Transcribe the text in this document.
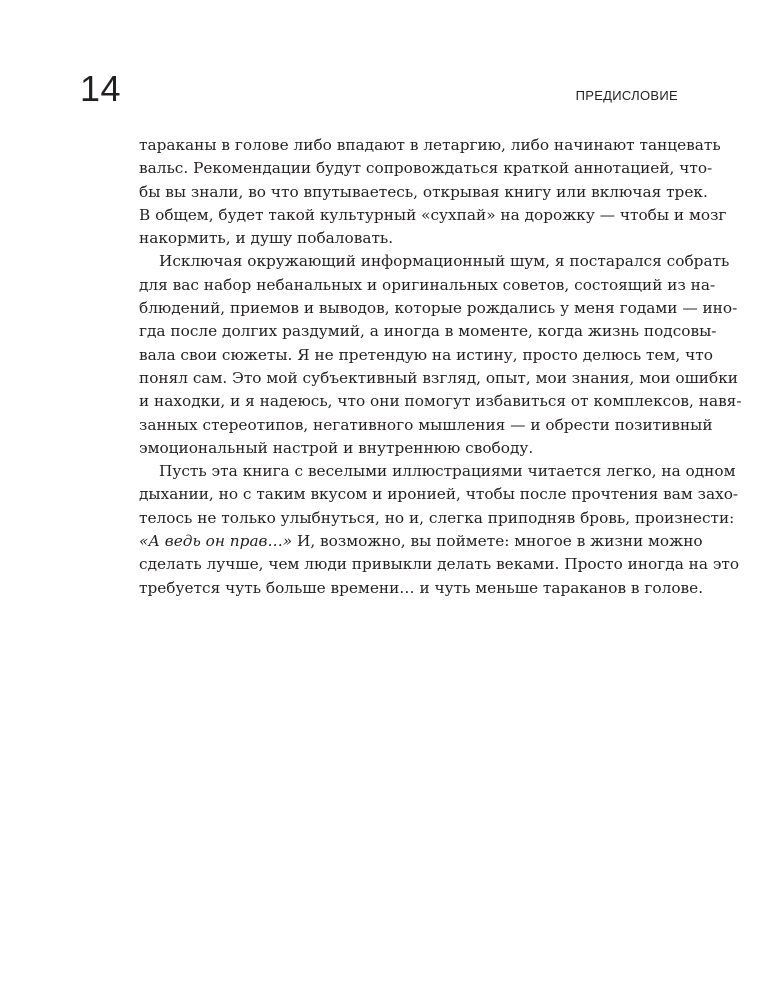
14	ПРЕДИСЛОВИЕ
тараканы в голове либо впадают в летаргию, либо начинают танцевать
вальс. Рекомендации будут сопровождаться краткой аннотацией, что-
бы вы знали, во что впутываетесь, открывая книгу или включая трек.
В общем, будет такой культурный «сухпай» на дорожку — чтобы и мозг
накормить, и душу побаловать.
Исключая окружающий информационный шум, я постарался собрать
для вас набор небанальных и оригинальных советов, состоящий из на-
блюдений, приемов и выводов, которые рождались у меня годами — ино-
гда после долгих раздумий, а иногда в моменте, когда жизнь подсовы-
вала свои сюжеты. Я не претендую на истину, просто делюсь тем, что
понял сам. Это мой субъективный взгляд, опыт, мои знания, мои ошибки
и находки, и я надеюсь, что они помогут избавиться от комплексов, навя-
занных стереотипов, негативного мышления — и обрести позитивный
эмоциональный настрой и внутреннюю свободу.
Пусть эта книга с веселыми иллюстрациями читается легко, на одном
дыхании, но с таким вкусом и иронией, чтобы после прочтения вам захо-
телось не только улыбнуться, но и, слегка приподняв бровь, произнести:
«А ведь он прав…» И, возможно, вы поймете: многое в жизни можно
сделать лучше, чем люди привыкли делать веками. Просто иногда на это
требуется чуть больше времени… и чуть меньше тараканов в голове.
